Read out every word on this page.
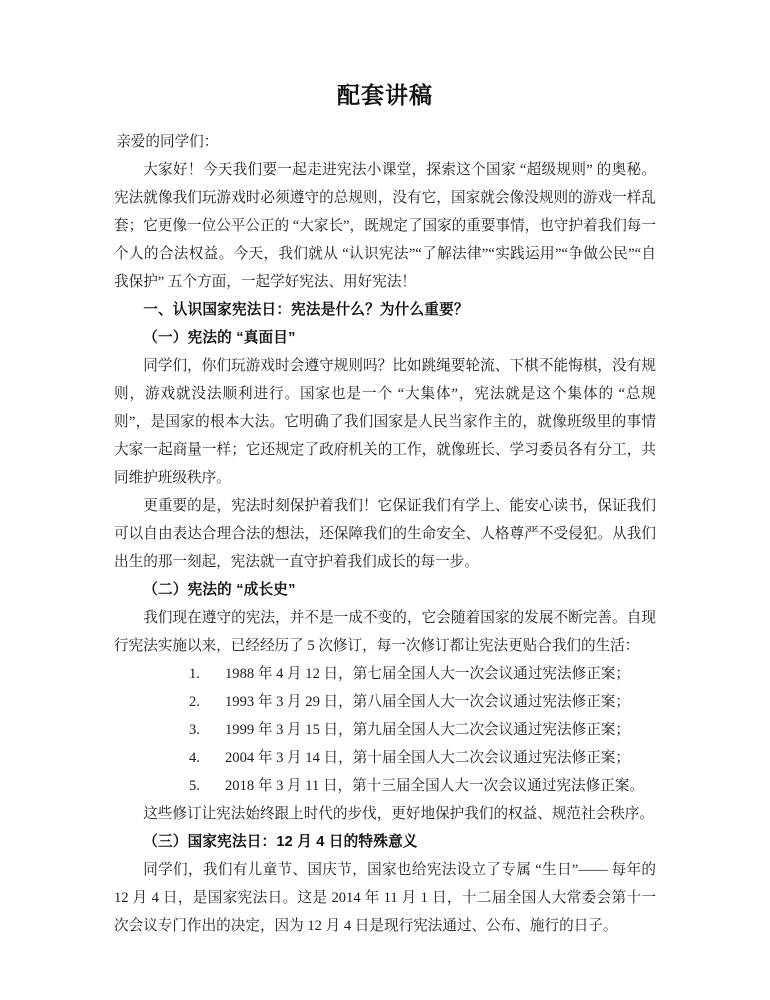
配套讲稿

亲爱的同学们：

大家好！今天我们要一起走进宪法小课堂，探索这个国家 “超级规则” 的奥秘。宪法就像我们玩游戏时必须遵守的总规则，没有它，国家就会像没规则的游戏一样乱套；它更像一位公平公正的 “大家长”，既规定了国家的重要事情，也守护着我们每一个人的合法权益。今天，我们就从 “认识宪法”“了解法律”“实践运用”“争做公民”“自我保护” 五个方面，一起学好宪法、用好宪法！

一、认识国家宪法日：宪法是什么？为什么重要？
（一）宪法的 “真面目”

同学们，你们玩游戏时会遵守规则吗？比如跳绳要轮流、下棋不能悔棋，没有规则，游戏就没法顺利进行。国家也是一个 “大集体”，宪法就是这个集体的 “总规则”，是国家的根本大法。它明确了我们国家是人民当家作主的，就像班级里的事情大家一起商量一样；它还规定了政府机关的工作，就像班长、学习委员各有分工，共同维护班级秩序。

更重要的是，宪法时刻保护着我们！它保证我们有学上、能安心读书，保证我们可以自由表达合理合法的想法，还保障我们的生命安全、人格尊严不受侵犯。从我们出生的那一刻起，宪法就一直守护着我们成长的每一步。

（二）宪法的 “成长史”

我们现在遵守的宪法，并不是一成不变的，它会随着国家的发展不断完善。自现行宪法实施以来，已经经历了 5 次修订，每一次修订都让宪法更贴合我们的生活：

1.	1988 年 4 月 12 日，第七届全国人大一次会议通过宪法修正案；
2.	1993 年 3 月 29 日，第八届全国人大一次会议通过宪法修正案；
3.	1999 年 3 月 15 日，第九届全国人大二次会议通过宪法修正案；
4.	2004 年 3 月 14 日，第十届全国人大二次会议通过宪法修正案；
5.	2018 年 3 月 11 日，第十三届全国人大一次会议通过宪法修正案。

这些修订让宪法始终跟上时代的步伐，更好地保护我们的权益、规范社会秩序。

（三）国家宪法日：12 月 4 日的特殊意义

同学们，我们有儿童节、国庆节，国家也给宪法设立了专属 “生日”—— 每年的 12 月 4 日，是国家宪法日。这是 2014 年 11 月 1 日，十二届全国人大常委会第十一次会议专门作出的决定，因为 12 月 4 日是现行宪法通过、公布、施行的日子。
